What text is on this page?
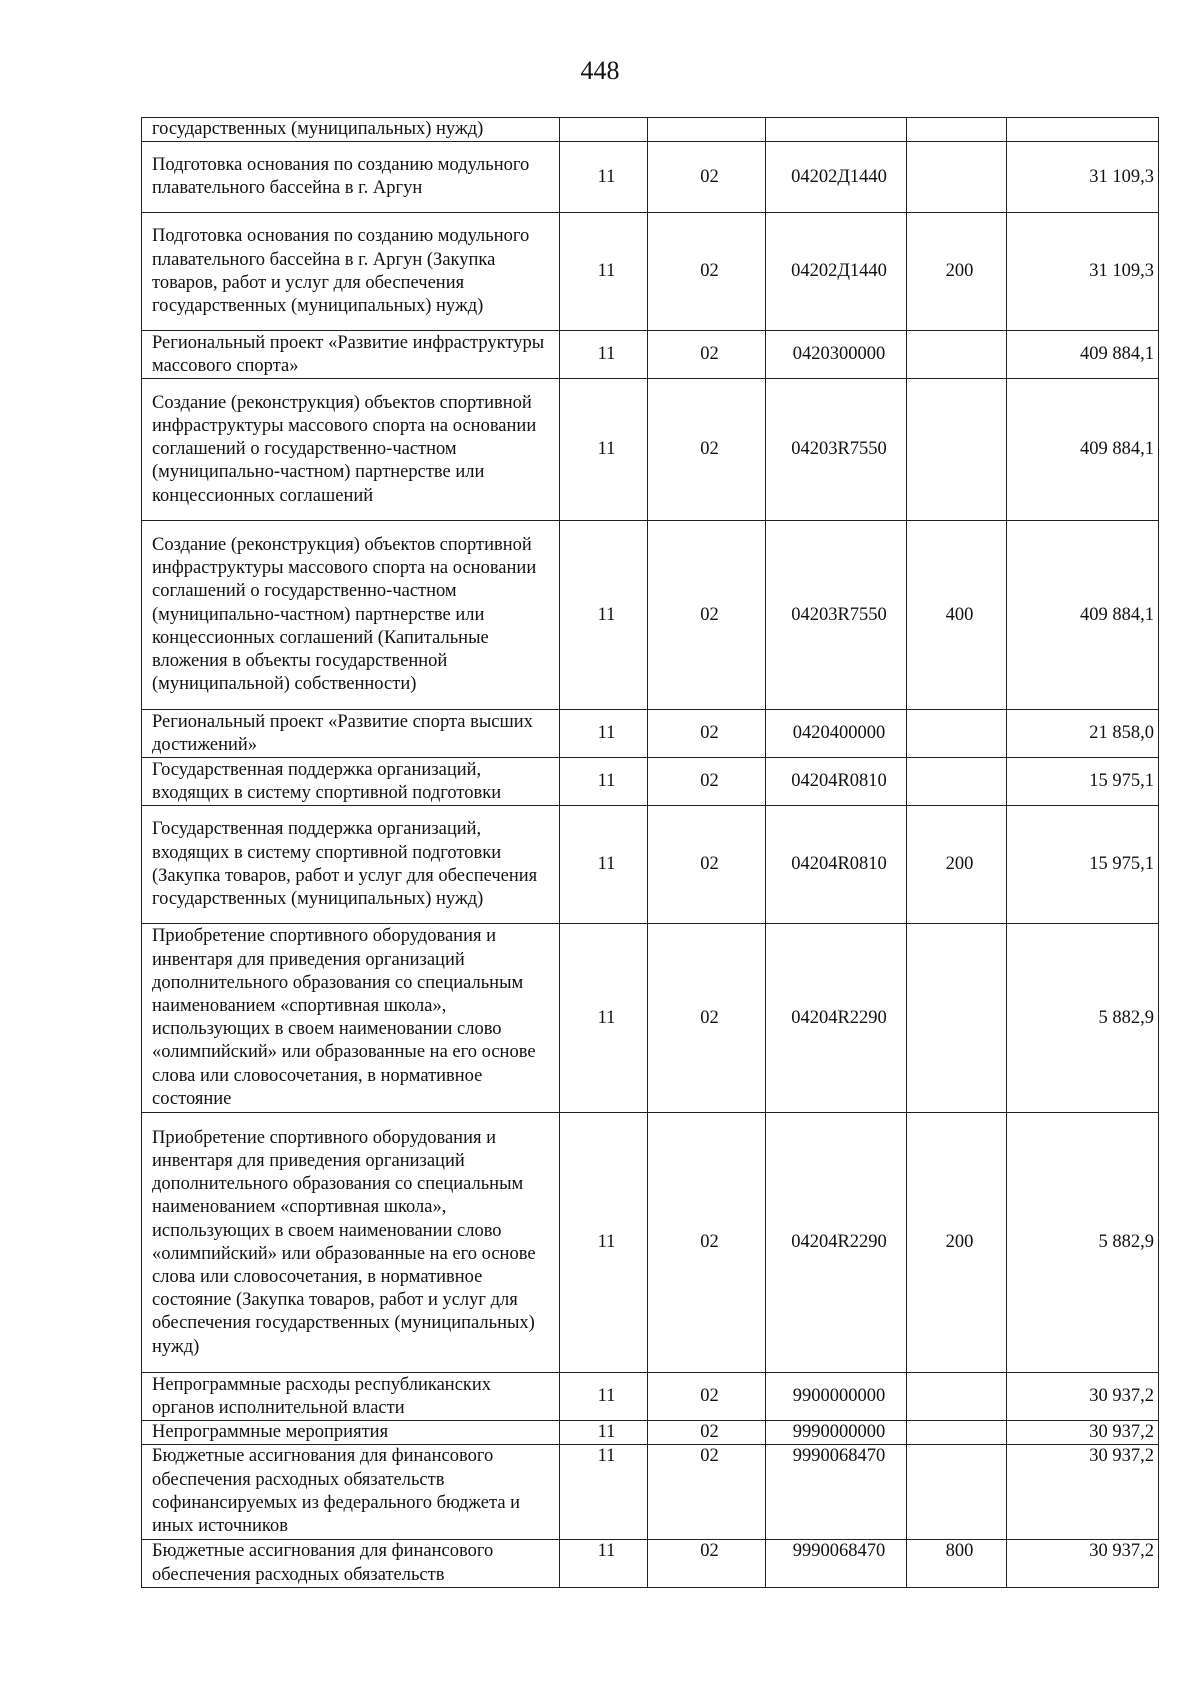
448
государственных (муниципальных) нужд)					
Подготовка основания по созданию модульного плавательного бассейна в г. Аргун	11	02	04202Д1440		31 109,3
Подготовка основания по созданию модульного плавательного бассейна в г. Аргун (Закупка товаров, работ и услуг для обеспечения государственных (муниципальных) нужд)	11	02	04202Д1440	200	31 109,3
Региональный проект «Развитие инфраструктуры массового спорта»	11	02	0420300000		409 884,1
Создание (реконструкция) объектов спортивной инфраструктуры массового спорта на основании соглашений о государственно-частном (муниципально-частном) партнерстве или концессионных соглашений	11	02	04203R7550		409 884,1
Создание (реконструкция) объектов спортивной инфраструктуры массового спорта на основании соглашений о государственно-частном (муниципально-частном) партнерстве или концессионных соглашений (Капитальные вложения в объекты государственной (муниципальной) собственности)	11	02	04203R7550	400	409 884,1
Региональный проект «Развитие спорта высших достижений»	11	02	0420400000		21 858,0
Государственная поддержка организаций, входящих в систему спортивной подготовки	11	02	04204R0810		15 975,1
Государственная поддержка организаций, входящих в систему спортивной подготовки (Закупка товаров, работ и услуг для обеспечения государственных (муниципальных) нужд)	11	02	04204R0810	200	15 975,1
Приобретение спортивного оборудования и инвентаря для приведения организаций дополнительного образования со специальным наименованием «спортивная школа», использующих в своем наименовании слово «олимпийский» или образованные на его основе слова или словосочетания, в нормативное состояние	11	02	04204R2290		5 882,9
Приобретение спортивного оборудования и инвентаря для приведения организаций дополнительного образования со специальным наименованием «спортивная школа», использующих в своем наименовании слово «олимпийский» или образованные на его основе слова или словосочетания, в нормативное состояние (Закупка товаров, работ и услуг для обеспечения государственных (муниципальных) нужд)	11	02	04204R2290	200	5 882,9
Непрограммные расходы республиканских органов исполнительной власти	11	02	9900000000		30 937,2
Непрограммные мероприятия	11	02	9990000000		30 937,2
Бюджетные ассигнования для финансового обеспечения расходных обязательств софинансируемых из федерального бюджета и иных источников	11	02	9990068470		30 937,2
Бюджетные ассигнования для финансового обеспечения расходных обязательств	11	02	9990068470	800	30 937,2
